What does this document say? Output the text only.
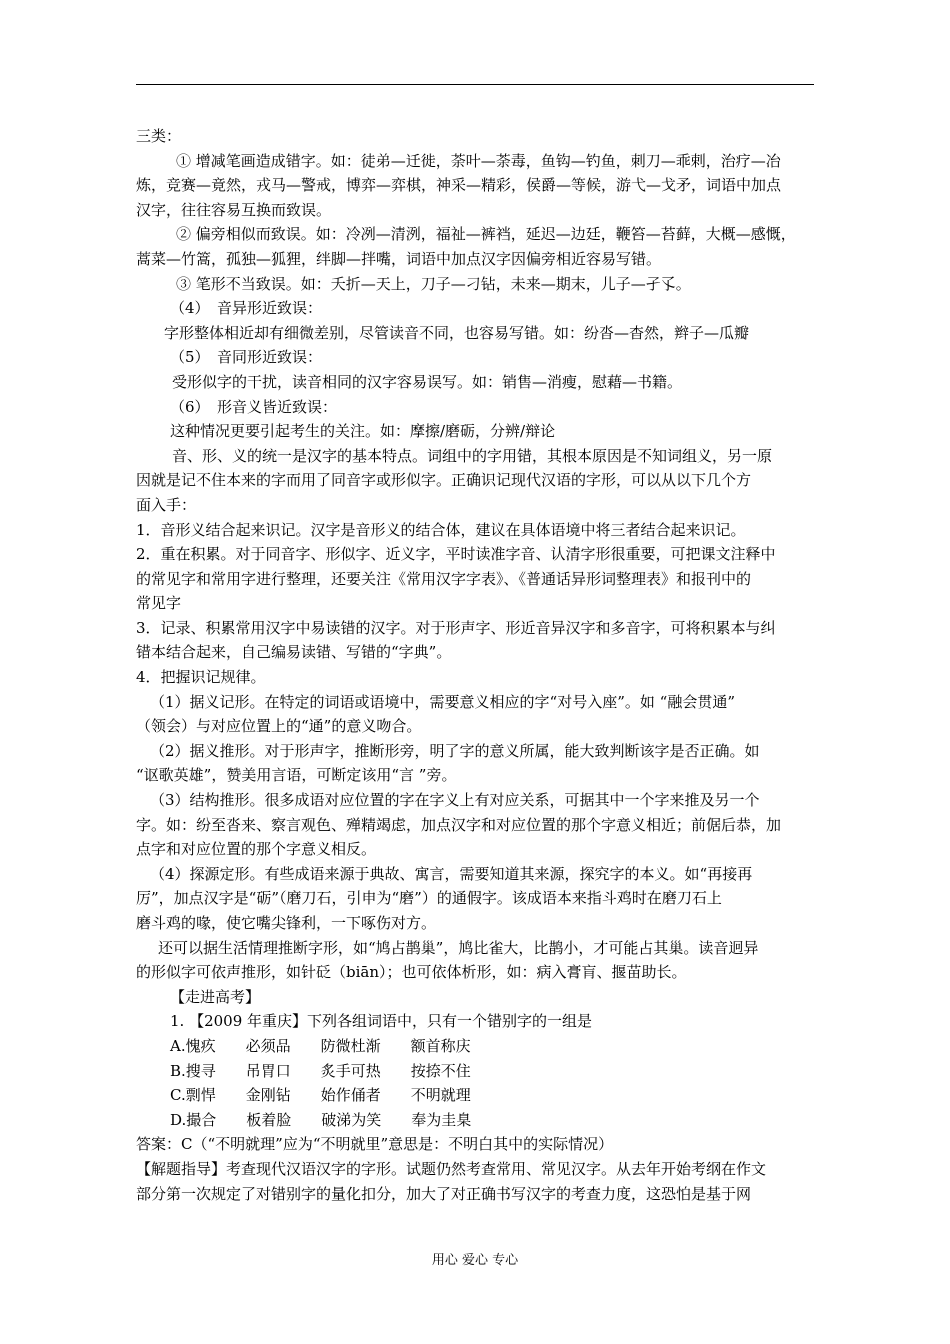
三类：
① 增减笔画造成错字。如：徒弟—迁徙，荼叶—荼毒，鱼钩—钓鱼，刺刀—乖剌，治疗—冶
炼，竞赛—竟然，戎马—警戒，博弈—弈棋，神采—精彩，侯爵—等候，游弋—戈矛，词语中加点
汉字，往往容易互换而致误。
② 偏旁相似而致误。如：冷冽—清洌，福祉—裤裆，延迟—边廷，鞭笞—苔藓，大概—感慨，
蒿菜—竹篙，孤独—狐狸，绊脚—拌嘴，词语中加点汉字因偏旁相近容易写错。
③ 笔形不当致误。如：夭折—天上，刀子—刁钻，未来—期末，儿子—孑孓。
（4）　音异形近致误：
字形整体相近却有细微差别，尽管读音不同，也容易写错。如：纷沓—杳然，辫子—瓜瓣
（5）　音同形近致误：
受形似字的干扰，读音相同的汉字容易误写。如：销售—消瘦，慰藉—书籍。
（6）　形音义皆近致误：
这种情况更要引起考生的关注。如：摩擦/磨砺，分辨/辩论
音、形、义的统一是汉字的基本特点。词组中的字用错，其根本原因是不知词组义，另一原
因就是记不住本来的字而用了同音字或形似字。正确识记现代汉语的字形，可以从以下几个方
面入手：
1．音形义结合起来识记。汉字是音形义的结合体，建议在具体语境中将三者结合起来识记。
2．重在积累。对于同音字、形似字、近义字，平时读准字音、认清字形很重要，可把课文注释中
的常见字和常用字进行整理，还要关注《常用汉字字表》、《普通话异形词整理表》和报刊中的
常见字
3．记录、积累常用汉字中易读错的汉字。对于形声字、形近音异汉字和多音字，可将积累本与纠
错本结合起来，自己编易读错、写错的“字典”。
4．把握识记规律。
（1）据义记形。在特定的词语或语境中，需要意义相应的字“对号入座”。如 “融会贯通”
（领会）与对应位置上的“通”的意义吻合。
（2）据义推形。对于形声字，推断形旁，明了字的意义所属，能大致判断该字是否正确。如
“讴歌英雄”，赞美用言语，可断定该用“言 ”旁。
（3）结构推形。很多成语对应位置的字在字义上有对应关系，可据其中一个字来推及另一个
字。如：纷至沓来、察言观色、殚精竭虑，加点汉字和对应位置的那个字意义相近；前倨后恭，加
点字和对应位置的那个字意义相反。
（4）探源定形。有些成语来源于典故、寓言，需要知道其来源，探究字的本义。如“再接再
厉”，加点汉字是“砺”（磨刀石，引申为“磨”）的通假字。该成语本来指斗鸡时在磨刀石上
磨斗鸡的喙，使它嘴尖锋利，一下啄伤对方。
还可以据生活情理推断字形，如“鸠占鹊巢”，鸠比雀大，比鹊小，才可能占其巢。读音迥异
的形似字可依声推形，如针砭（biān）；也可依体析形，如：病入膏肓、揠苗助长。
【走进高考】
1. 【2009 年重庆】下列各组词语中，只有一个错别字的一组是
A.愧疚　　必须品　　防微杜渐　　额首称庆
B.搜寻　　吊胃口　　炙手可热　　按捺不住
C.剽悍　　金刚钻　　始作俑者　　不明就理
D.撮合　　板着脸　　破涕为笑　　奉为圭臬
答案：C（“不明就理”应为“不明就里”意思是：不明白其中的实际情况）
【解题指导】考查现代汉语汉字的字形。试题仍然考查常用、常见汉字。从去年开始考纲在作文
部分第一次规定了对错别字的量化扣分，加大了对正确书写汉字的考查力度，这恐怕是基于网
用心 爱心 专心
